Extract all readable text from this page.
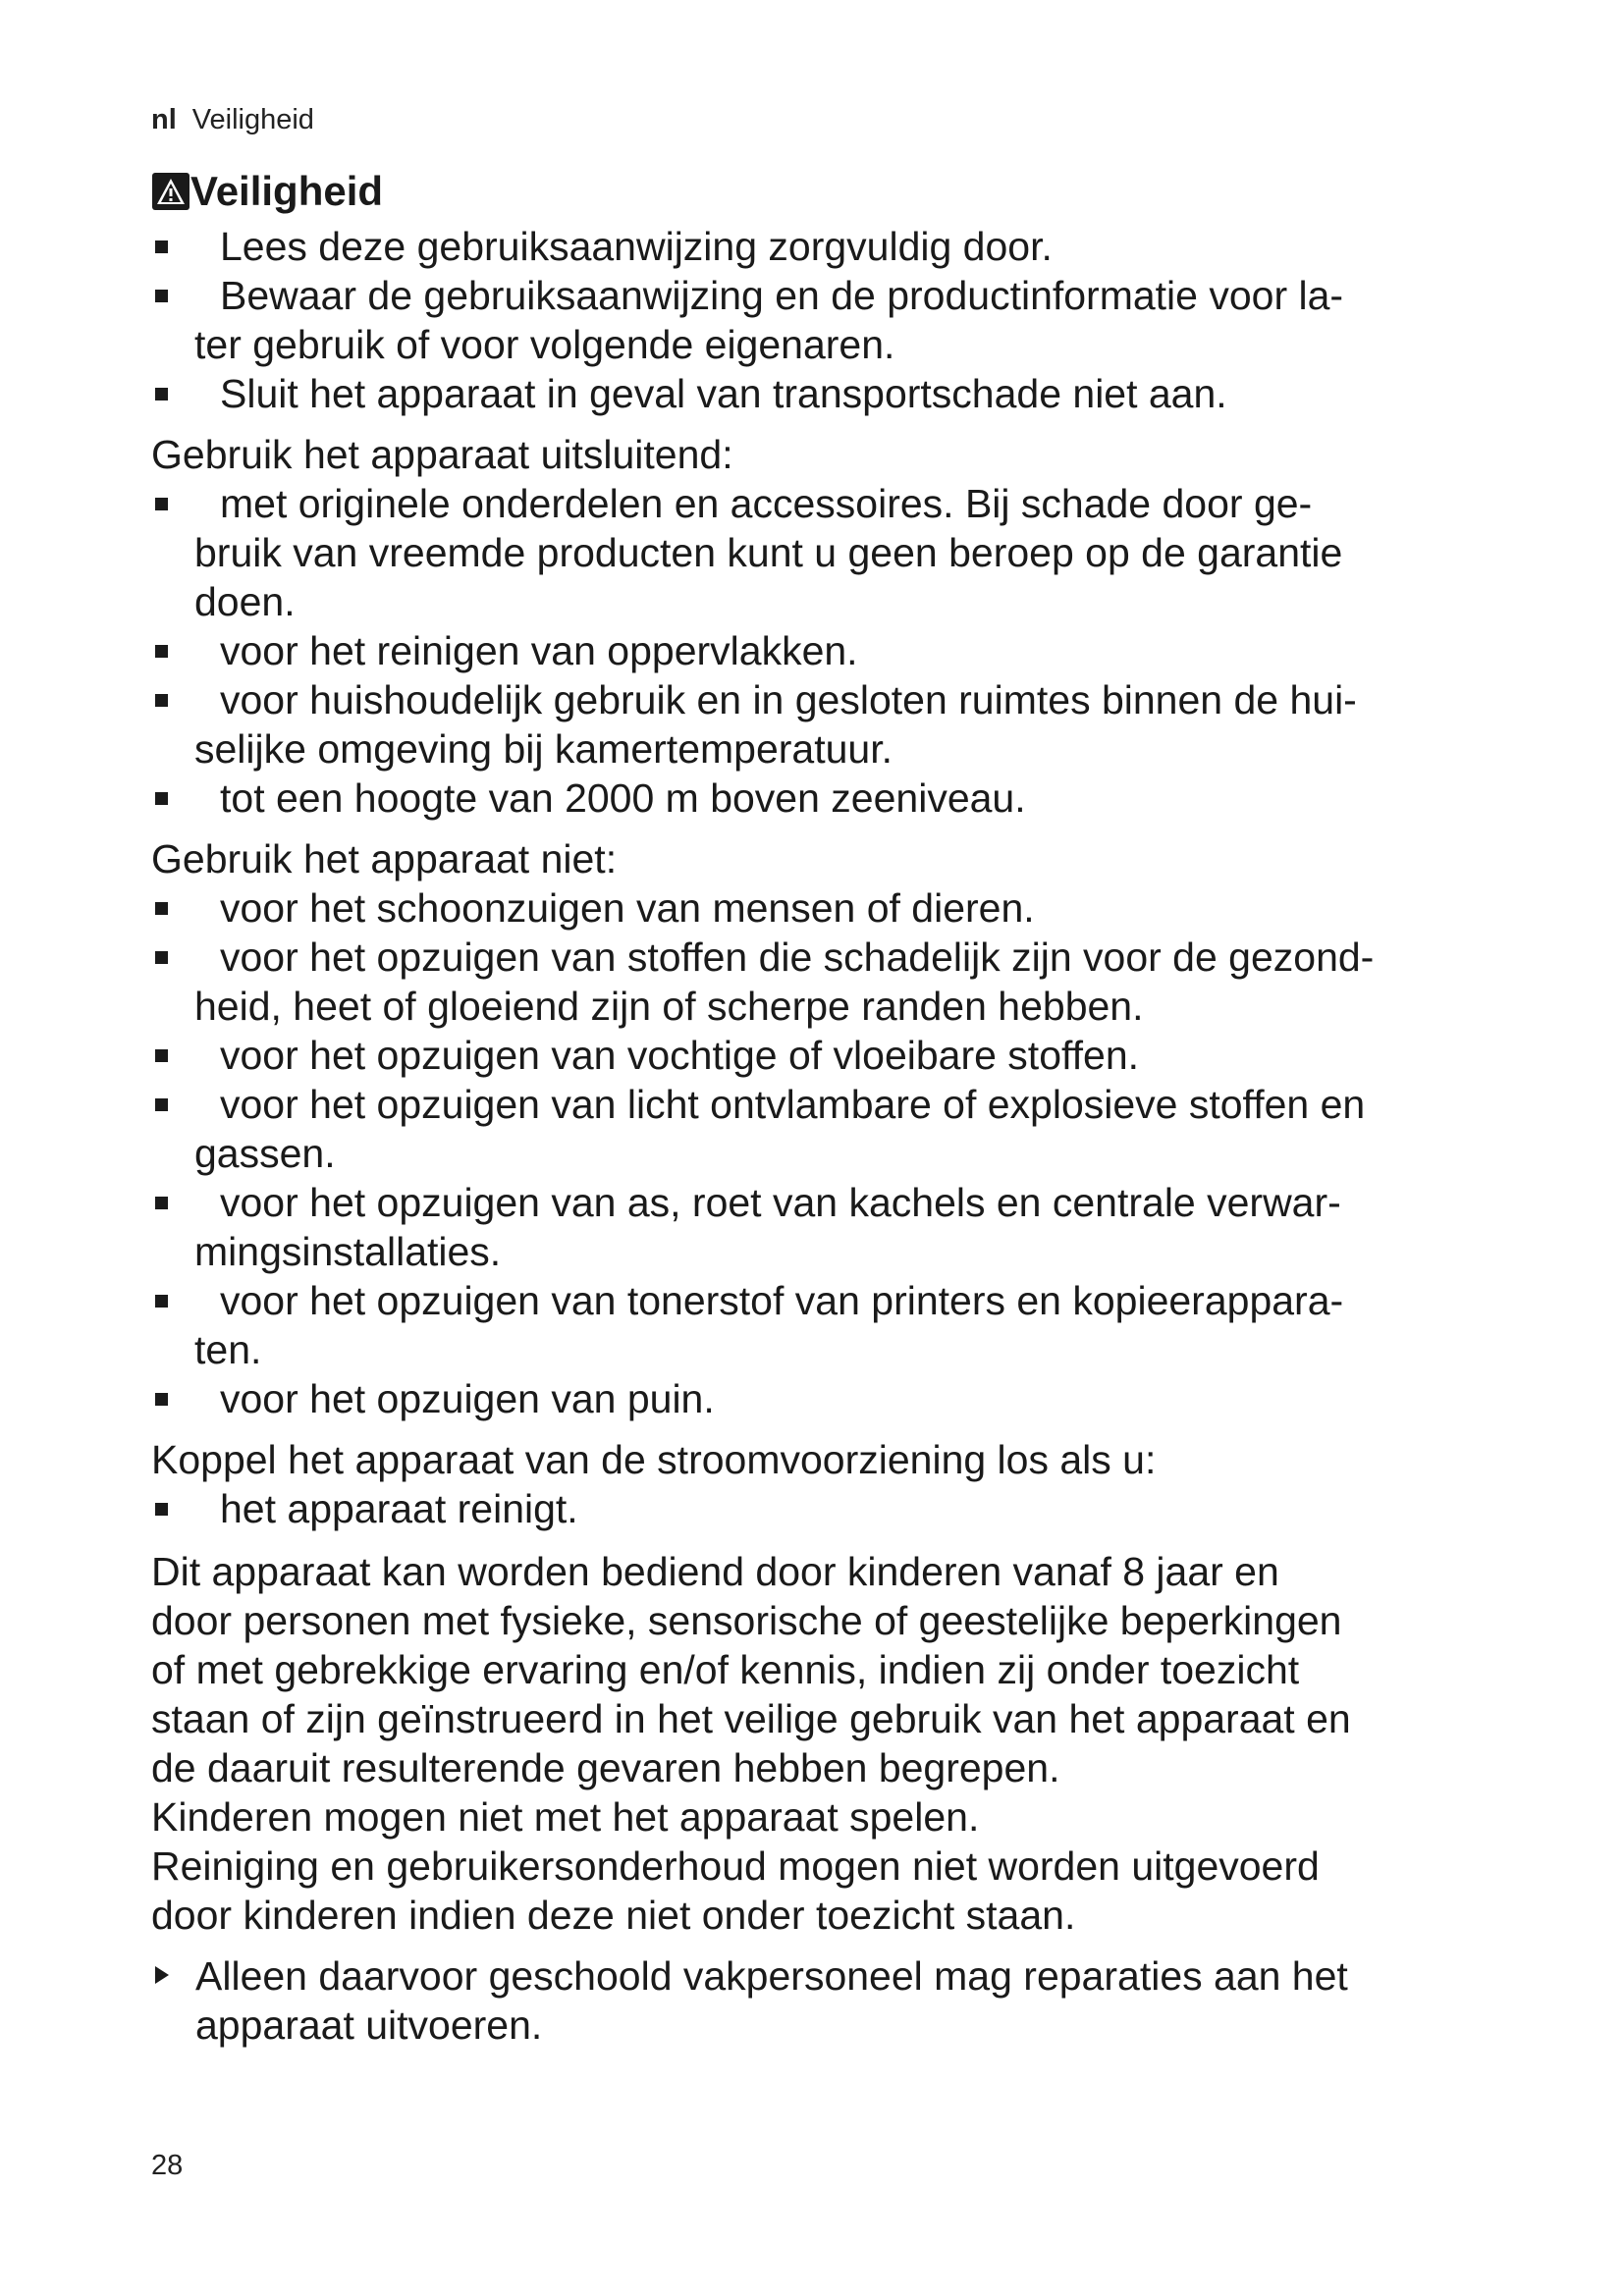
nl Veiligheid
Veiligheid
Lees deze gebruiksaanwijzing zorgvuldig door.
Bewaar de gebruiksaanwijzing en de productinformatie voor la-
ter gebruik of voor volgende eigenaren.
Sluit het apparaat in geval van transportschade niet aan.
Gebruik het apparaat uitsluitend:
met originele onderdelen en accessoires. Bij schade door ge-
bruik van vreemde producten kunt u geen beroep op de garantie
doen.
voor het reinigen van oppervlakken.
voor huishoudelijk gebruik en in gesloten ruimtes binnen de hui-
selijke omgeving bij kamertemperatuur.
tot een hoogte van 2000 m boven zeeniveau.
Gebruik het apparaat niet:
voor het schoonzuigen van mensen of dieren.
voor het opzuigen van stoffen die schadelijk zijn voor de gezond-
heid, heet of gloeiend zijn of scherpe randen hebben.
voor het opzuigen van vochtige of vloeibare stoffen.
voor het opzuigen van licht ontvlambare of explosieve stoffen en
gassen.
voor het opzuigen van as, roet van kachels en centrale verwar-
mingsinstallaties.
voor het opzuigen van tonerstof van printers en kopieerappara-
ten.
voor het opzuigen van puin.
Koppel het apparaat van de stroomvoorziening los als u:
het apparaat reinigt.
Dit apparaat kan worden bediend door kinderen vanaf 8 jaar en
door personen met fysieke, sensorische of geestelijke beperkingen
of met gebrekkige ervaring en/of kennis, indien zij onder toezicht
staan of zijn geïnstrueerd in het veilige gebruik van het apparaat en
de daaruit resulterende gevaren hebben begrepen.
Kinderen mogen niet met het apparaat spelen.
Reiniging en gebruikersonderhoud mogen niet worden uitgevoerd
door kinderen indien deze niet onder toezicht staan.
Alleen daarvoor geschoold vakpersoneel mag reparaties aan het
apparaat uitvoeren.
28
